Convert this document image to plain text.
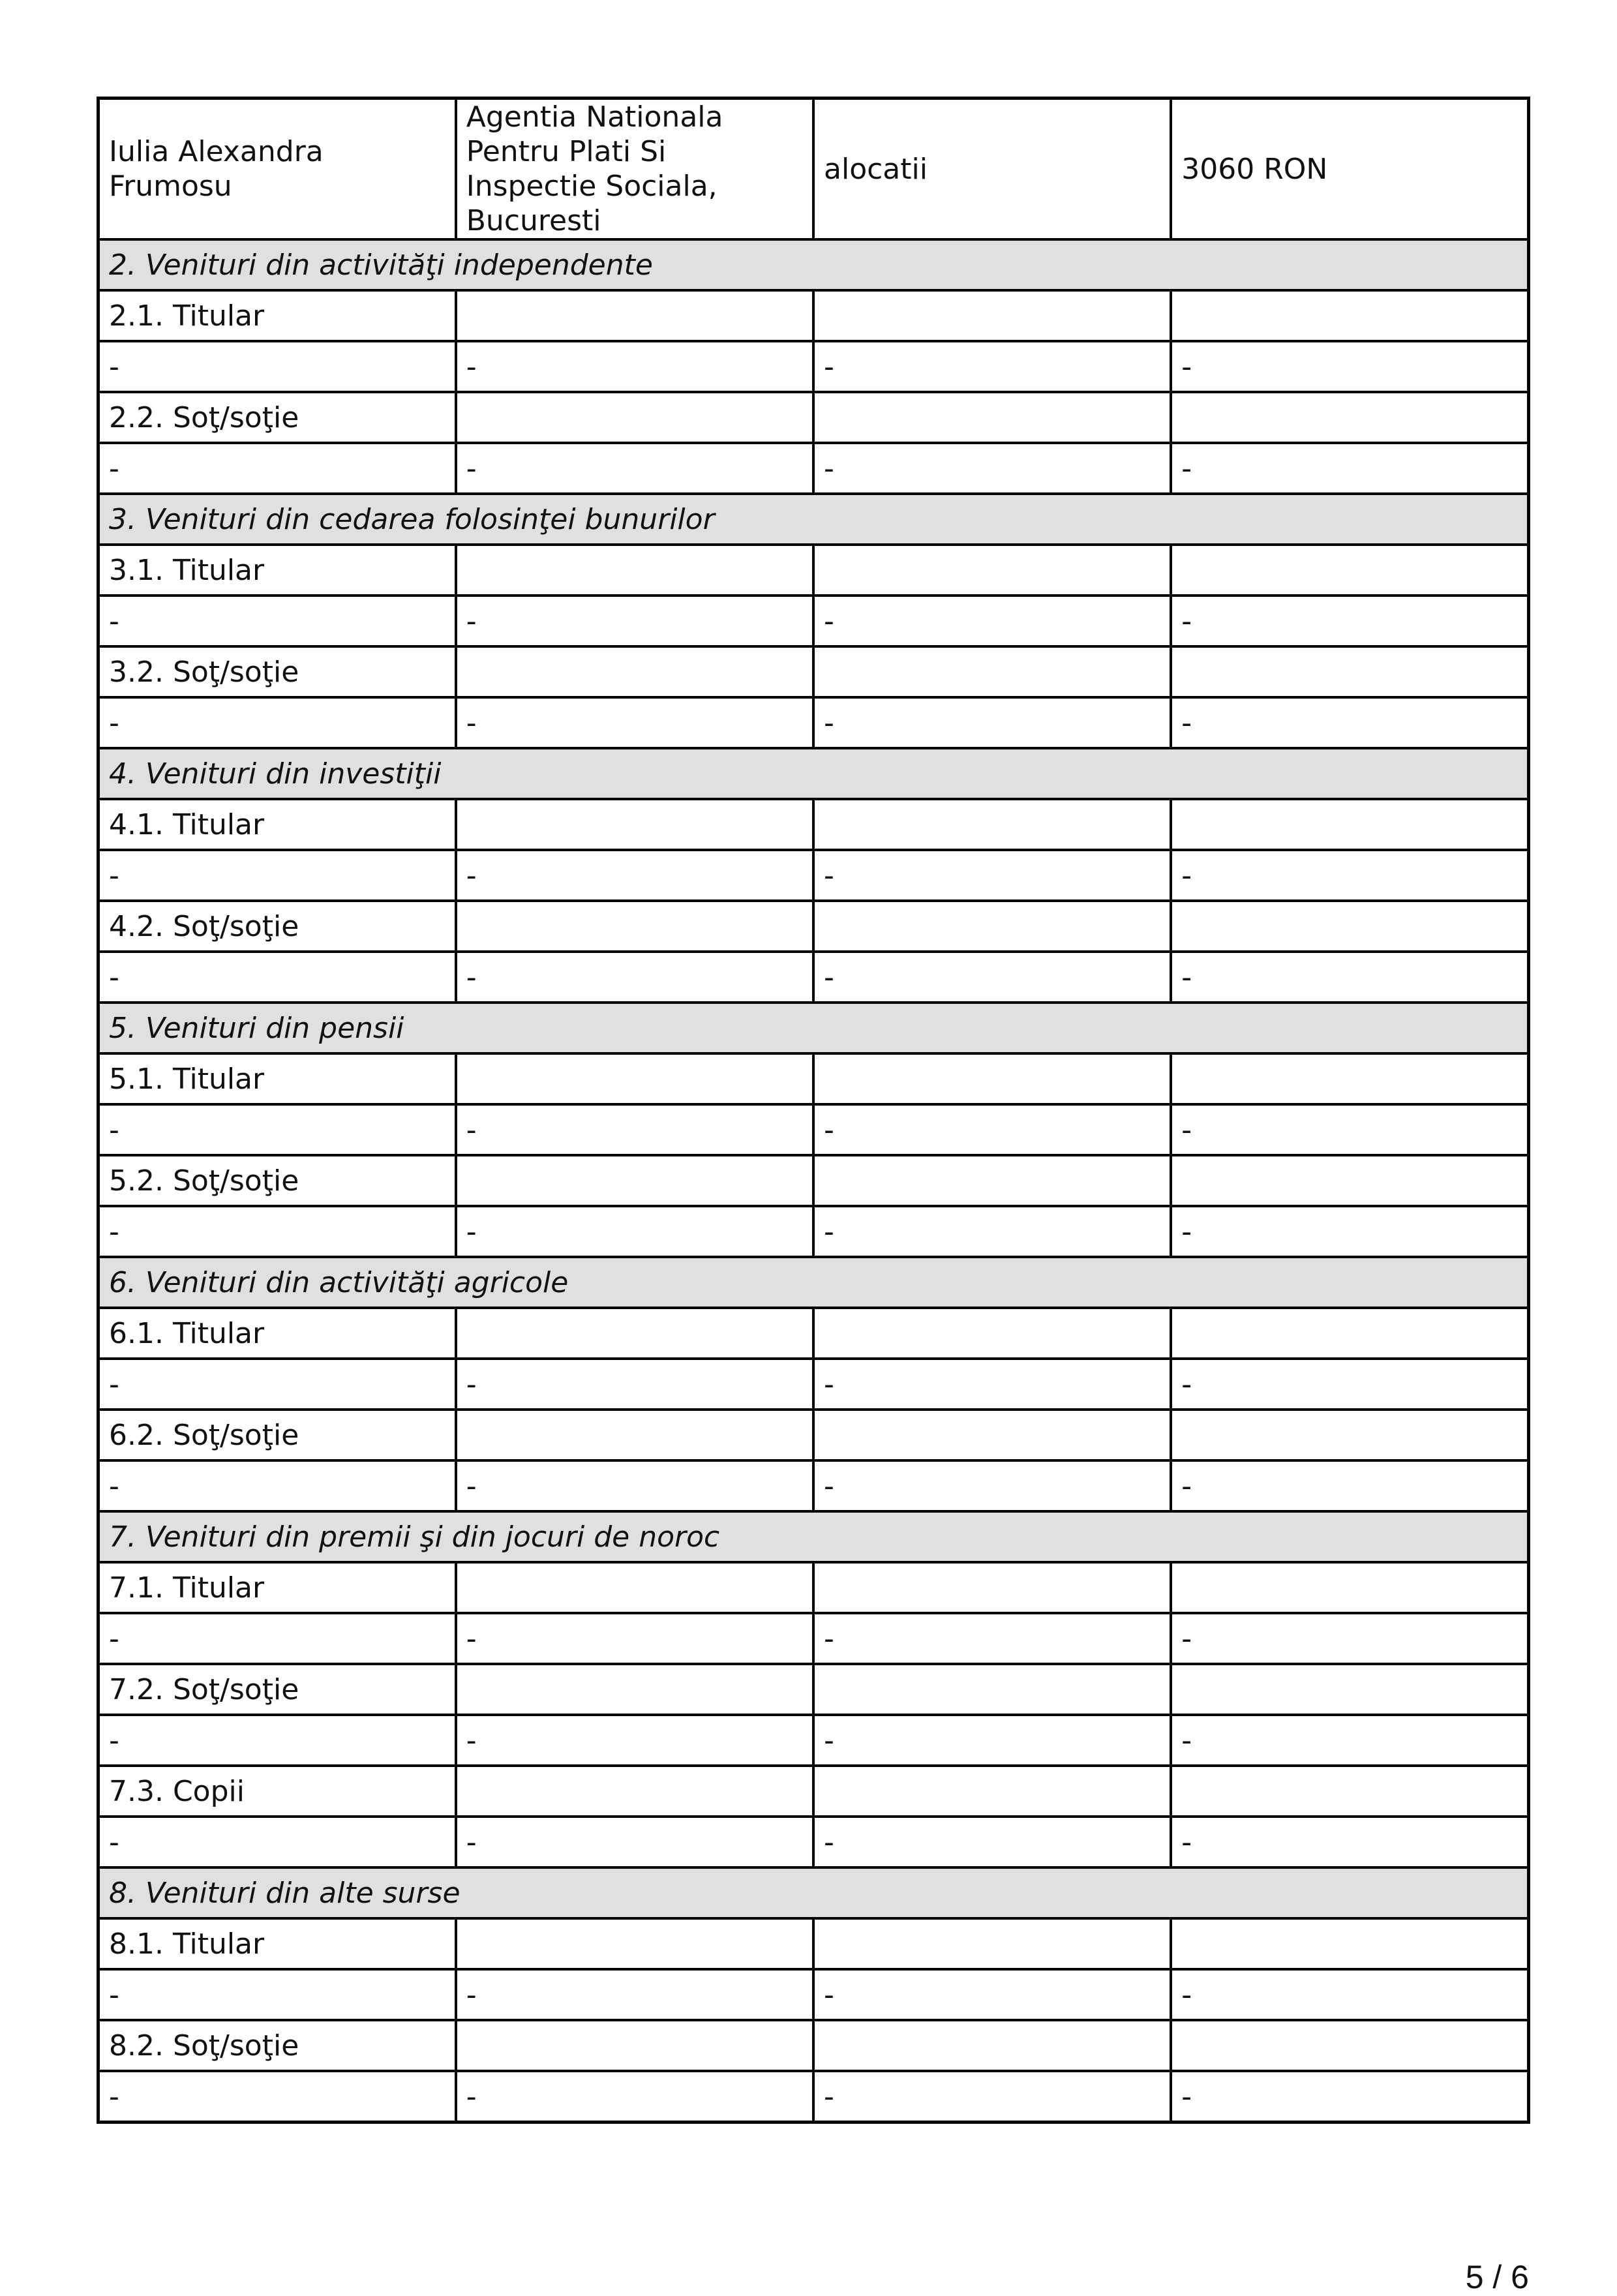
Iulia Alexandra Frumosu	Agentia Nationala Pentru Plati Si Inspectie Sociala, Bucuresti	alocatii	3060 RON
2. Venituri din activităţi independente			
2.1. Titular			
-	-	-	-
2.2. Soţ/soţie			
-	-	-	-
3. Venituri din cedarea folosinţei bunurilor			
3.1. Titular			
-	-	-	-
3.2. Soţ/soţie			
-	-	-	-
4. Venituri din investiţii			
4.1. Titular			
-	-	-	-
4.2. Soţ/soţie			
-	-	-	-
5. Venituri din pensii			
5.1. Titular			
-	-	-	-
5.2. Soţ/soţie			
-	-	-	-
6. Venituri din activităţi agricole			
6.1. Titular			
-	-	-	-
6.2. Soţ/soţie			
-	-	-	-
7. Venituri din premii şi din jocuri de noroc			
7.1. Titular			
-	-	-	-
7.2. Soţ/soţie			
-	-	-	-
7.3. Copii			
-	-	-	-
8. Venituri din alte surse			
8.1. Titular			
-	-	-	-
8.2. Soţ/soţie			
-	-	-	-
5 / 6
